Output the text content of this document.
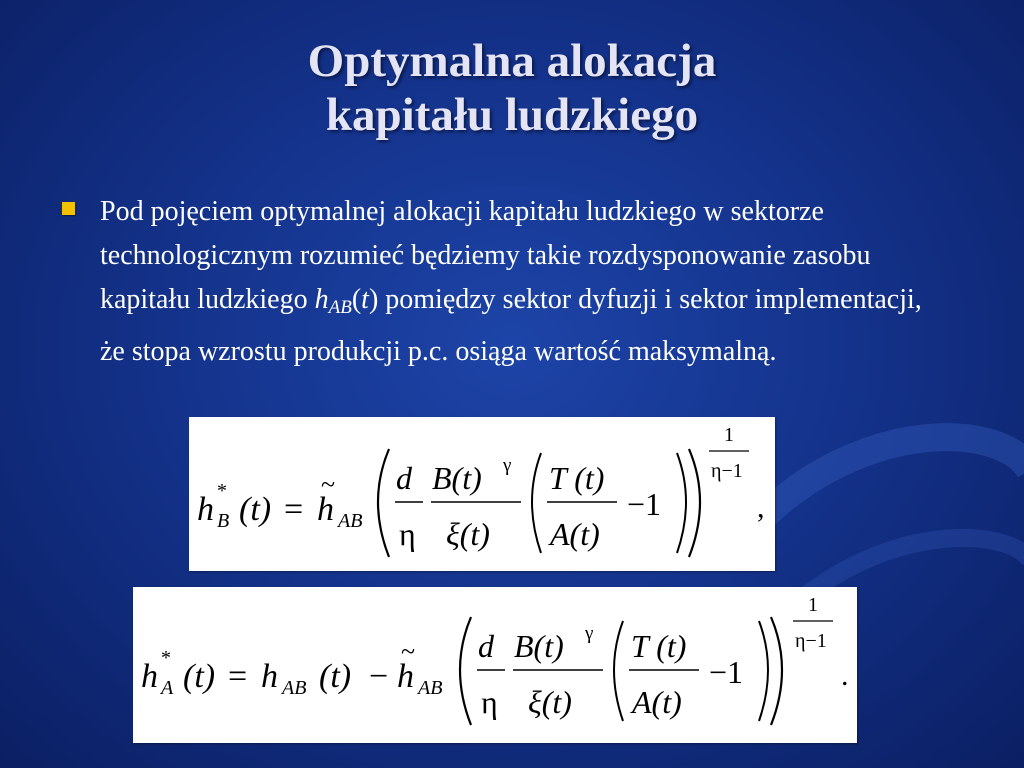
Optymalna alokacja
kapitału ludzkiego
Pod pojęciem optymalnej alokacji kapitału ludzkiego w sektorze technologicznym rozumieć będziemy takie rozdysponowanie zasobu kapitału ludzkiego $h_{AB}(t)$ pomiędzy sektor dyfuzji i sektor implementacji, że stopa wzrostu produkcji p.c. osiąga wartość maksymalną.
h *
B (t) =
~
h AB
d
η
B(t) γ
ξ(t)
T (t)
A(t)
−1
1
η−1
,
h *
A (t) = h AB (t) −
~
h AB
d
η
B(t) γ
ξ(t)
T (t)
A(t)
−1
1
η−1
.
